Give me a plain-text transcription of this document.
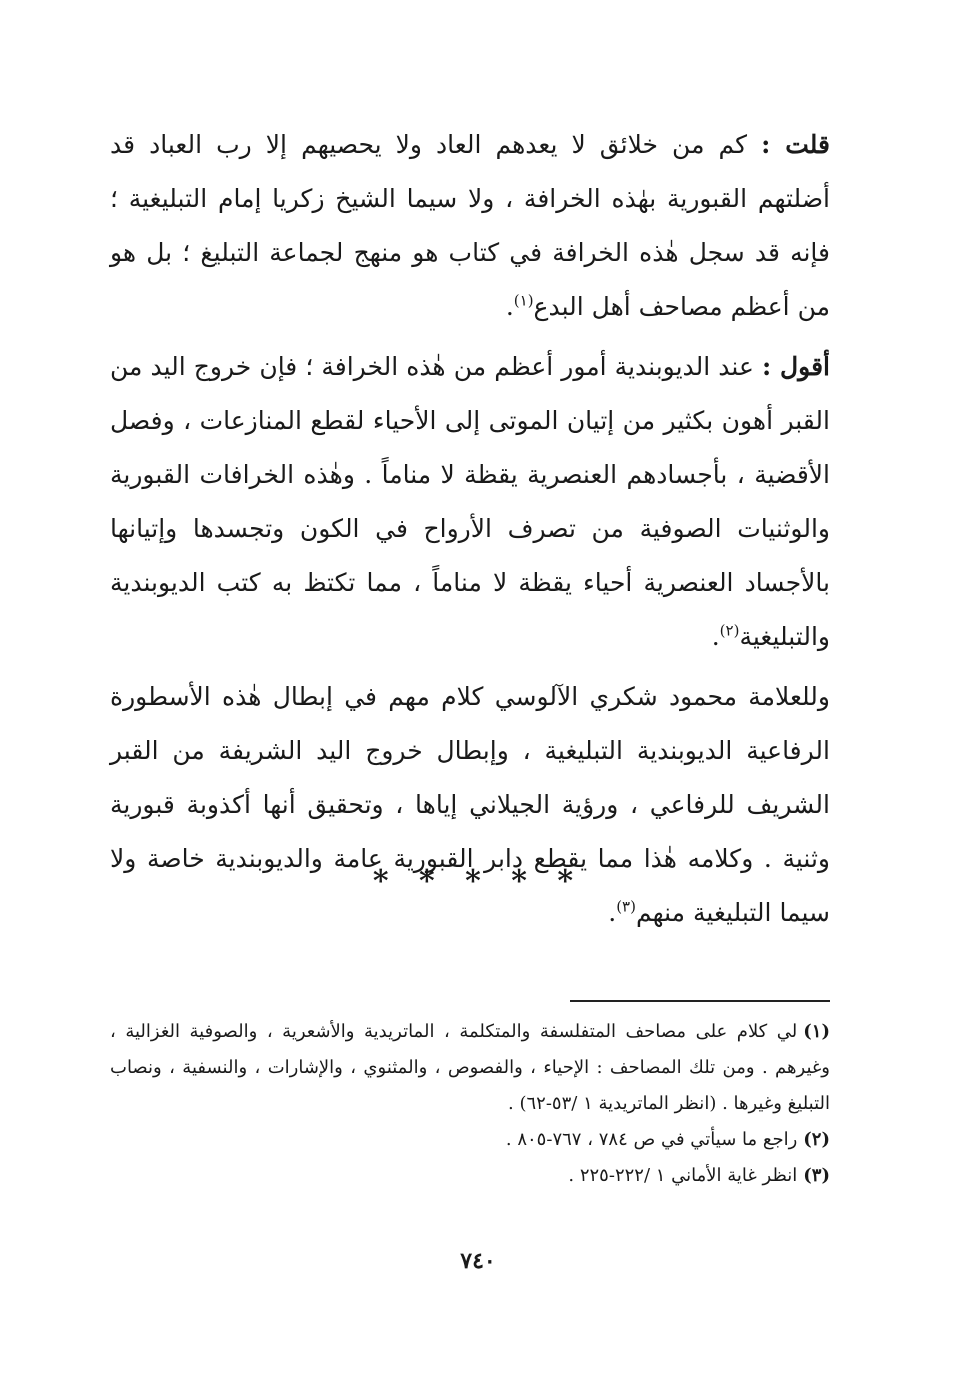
قلت : كم من خلائق لا يعدهم العاد ولا يحصيهم إلا رب العباد قد أضلتهم القبورية بهٰذه الخرافة ، ولا سيما الشيخ زكريا إمام التبليغية ؛ فإنه قد سجل هٰذه الخرافة في كتاب هو منهج لجماعة التبليغ ؛ بل هو من أعظم مصاحف أهل البدع$^{(١)}$.

أقول : عند الديوبندية أمور أعظم من هٰذه الخرافة ؛ فإن خروج اليد من القبر أهون بكثير من إتيان الموتى إلى الأحياء لقطع المنازعات ، وفصل الأقضية ، بأجسادهم العنصرية يقظة لا مناماً . وهٰذه الخرافات القبورية والوثنيات الصوفية من تصرف الأرواح في الكون وتجسدها وإتيانها بالأجساد العنصرية أحياء يقظة لا مناماً ، مما تكتظ به كتب الديوبندية والتبليغية$^{(٢)}$.

وللعلامة محمود شكري الآلوسي كلام مهم في إبطال هٰذه الأسطورة الرفاعية الديوبندية التبليغية ، وإبطال خروج اليد الشريفة من القبر الشريف للرفاعي ، ورؤية الجيلاني إياها ، وتحقيق أنها أكذوبة قبورية وثنية . وكلامه هٰذا مما يقطع دابر القبورية عامة والديوبندية خاصة ولا سيما التبليغية منهم$^{(٣)}$.

* * * * *

(١)لي كلام على مصاحف المتفلسفة والمتكلمة ، الماتريدية والأشعرية ، والصوفية الغزالية ، وغيرهم . ومن تلك المصاحف : الإحياء ، والفصوص ، والمثنوي ، والإشارات ، والنسفية ، ونصاب التبليغ وغيرها . (انظر الماتريدية ١ /٥٣-٦٢) .

(٢)راجع ما سيأتي في ص ٧٨٤ ، ٧٦٧-٨٠٥ .

(٣)انظر غاية الأماني ١ /٢٢٢-٢٢٥ .

٧٤٠
